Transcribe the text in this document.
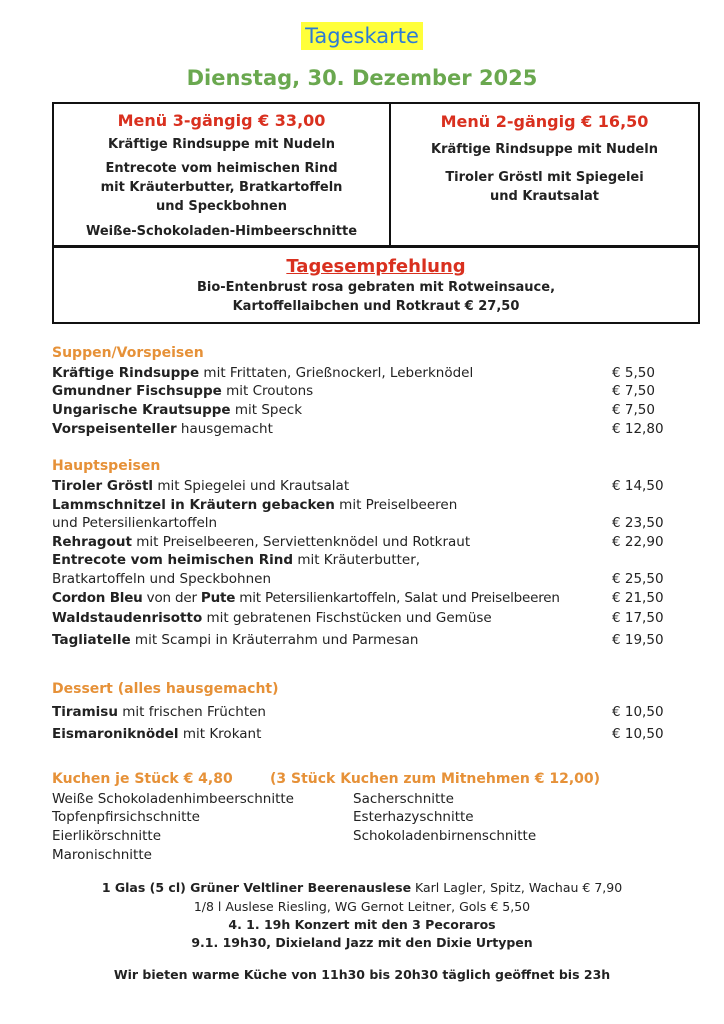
Tageskarte
Dienstag, 30. Dezember 2025
Menü 3-gängig € 33,00
Kräftige Rindsuppe mit Nudeln
Entrecote vom heimischen Rind
mit Kräuterbutter, Bratkartoffeln
und Speckbohnen
Weiße-Schokoladen-Himbeerschnitte
Menü 2-gängig € 16,50
Kräftige Rindsuppe mit Nudeln
Tiroler Gröstl mit Spiegelei
und Krautsalat
Tagesempfehlung
Bio-Entenbrust rosa gebraten mit Rotweinsauce,
Kartoffellaibchen und Rotkraut € 27,50
Suppen/Vorspeisen
Kräftige Rindsuppe mit Frittaten, Grießnockerl, Leberknödel	€ 5,50
Gmundner Fischsuppe mit Croutons	€ 7,50
Ungarische Krautsuppe mit Speck	€ 7,50
Vorspeisenteller hausgemacht	€ 12,80
Hauptspeisen
Tiroler Gröstl mit Spiegelei und Krautsalat	€ 14,50
Lammschnitzel in Kräutern gebacken mit Preiselbeeren
und Petersilienkartoffeln	€ 23,50
Rehragout mit Preiselbeeren, Serviettenknödel und Rotkraut	€ 22,90
Entrecote vom heimischen Rind mit Kräuterbutter,
Bratkartoffeln und Speckbohnen	€ 25,50
Cordon Bleu von der Pute mit Petersilienkartoffeln, Salat und Preiselbeeren	€ 21,50
Waldstaudenrisotto mit gebratenen Fischstücken und Gemüse	€ 17,50
Tagliatelle mit Scampi in Kräuterrahm und Parmesan	€ 19,50
Dessert (alles hausgemacht)
Tiramisu mit frischen Früchten	€ 10,50
Eismaroniknödel mit Krokant	€ 10,50
Kuchen je Stück € 4,80	(3 Stück Kuchen zum Mitnehmen € 12,00)
Weiße Schokoladenhimbeerschnitte
Topfenpfirsichschnitte
Eierlikörschnitte
Maronischnitte
Sacherschnitte
Esterhazyschnitte
Schokoladenbirnenschnitte
1 Glas (5 cl) Grüner Veltliner Beerenauslese Karl Lagler, Spitz, Wachau € 7,90
1/8 l Auslese Riesling, WG Gernot Leitner, Gols € 5,50
4. 1. 19h Konzert mit den 3 Pecoraros
9.1. 19h30, Dixieland Jazz mit den Dixie Urtypen
Wir bieten warme Küche von 11h30 bis 20h30 täglich geöffnet bis 23h
